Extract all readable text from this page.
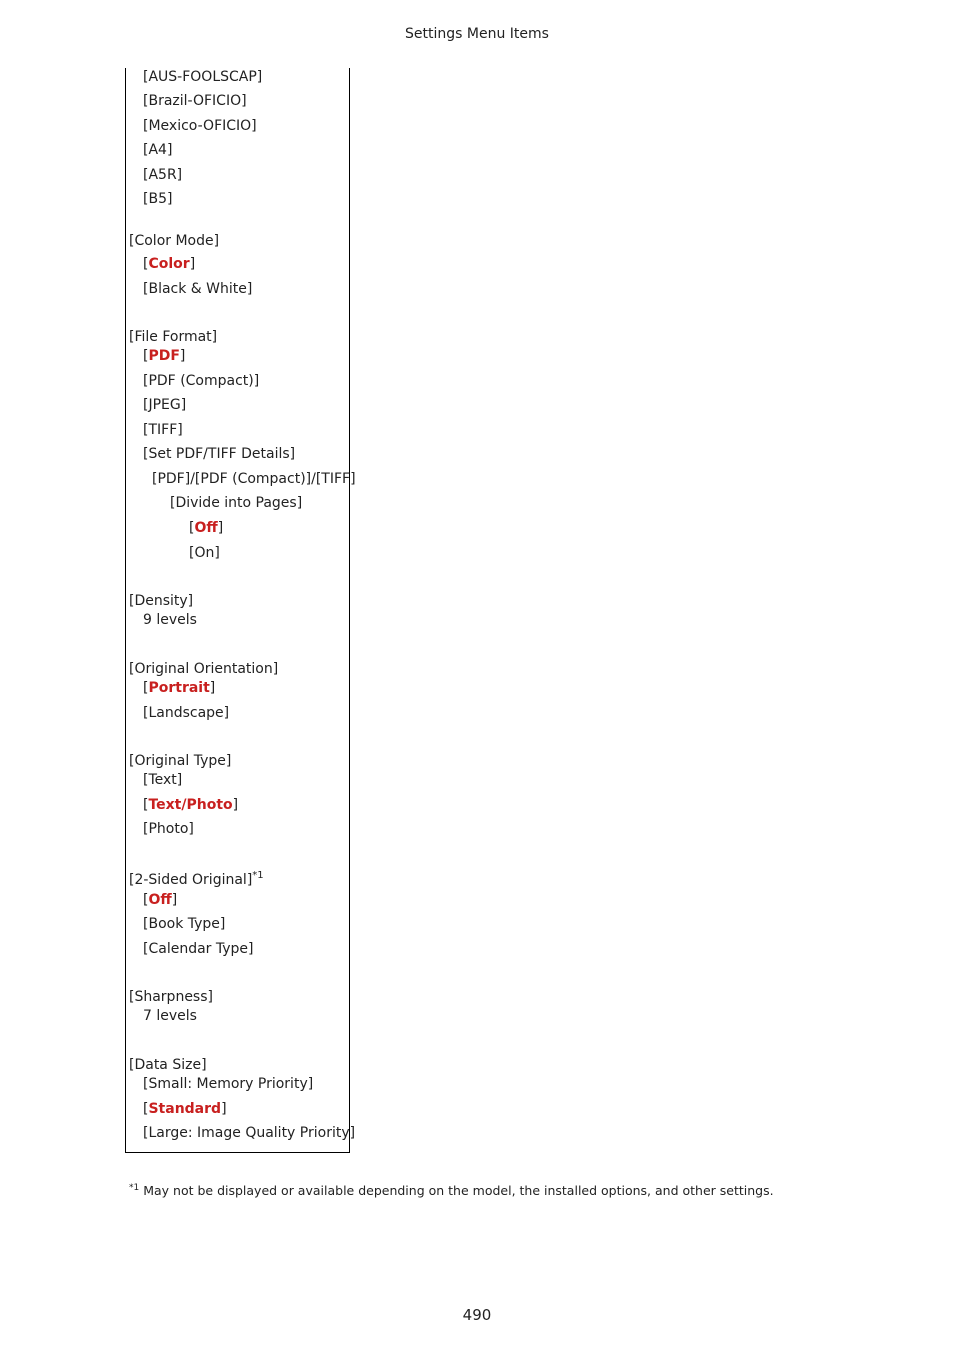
Settings Menu Items
[AUS-FOOLSCAP]
[Brazil-OFICIO]
[Mexico-OFICIO]
[A4]
[A5R]
[B5]
[Color Mode]
[Color]
[Black & White]
[File Format]
[PDF]
[PDF (Compact)]
[JPEG]
[TIFF]
[Set PDF/TIFF Details]
[PDF]/[PDF (Compact)]/[TIFF]
[Divide into Pages]
[Off]
[On]
[Density]
9 levels
[Original Orientation]
[Portrait]
[Landscape]
[Original Type]
[Text]
[Text/Photo]
[Photo]
[2-Sided Original]$^{*1}$
[Off]
[Book Type]
[Calendar Type]
[Sharpness]
7 levels
[Data Size]
[Small: Memory Priority]
[Standard]
[Large: Image Quality Priority]
$^{*1}$ May not be displayed or available depending on the model, the installed options, and other settings.
490
